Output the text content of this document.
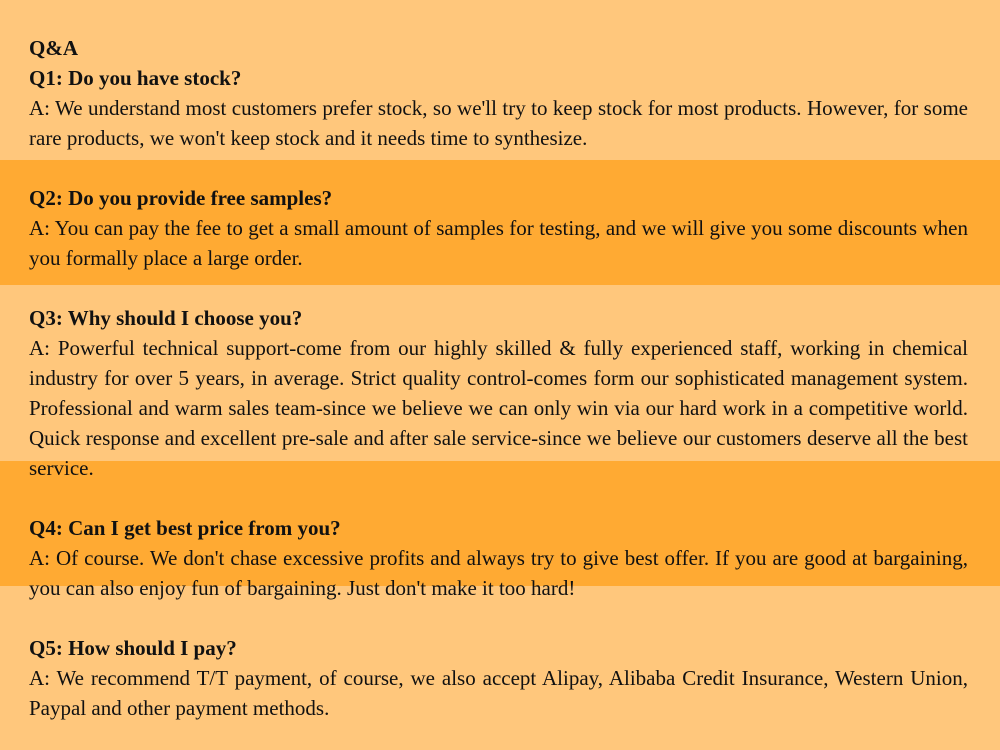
Q&A
Q1: Do you have stock?
A: We understand most customers prefer stock, so we'll try to keep stock for most products. However, for some rare products, we won't keep stock and it needs time to synthesize.
Q2: Do you provide free samples?
A: You can pay the fee to get a small amount of samples for testing, and we will give you some discounts when you formally place a large order.
Q3: Why should I choose you?
A: Powerful technical support-come from our highly skilled & fully experienced staff, working in chemical industry for over 5 years, in average. Strict quality control-comes form our sophisticated management system. Professional and warm sales team-since we believe we can only win via our hard work in a competitive world. Quick response and excellent pre-sale and after sale service-since we believe our customers deserve all the best service.
Q4: Can I get best price from you?
A: Of course. We don't chase excessive profits and always try to give best offer. If you are good at bargaining, you can also enjoy fun of bargaining. Just don't make it too hard!
Q5: How should I pay?
A: We recommend T/T payment, of course, we also accept Alipay, Alibaba Credit Insurance, Western Union, Paypal and other payment methods.
